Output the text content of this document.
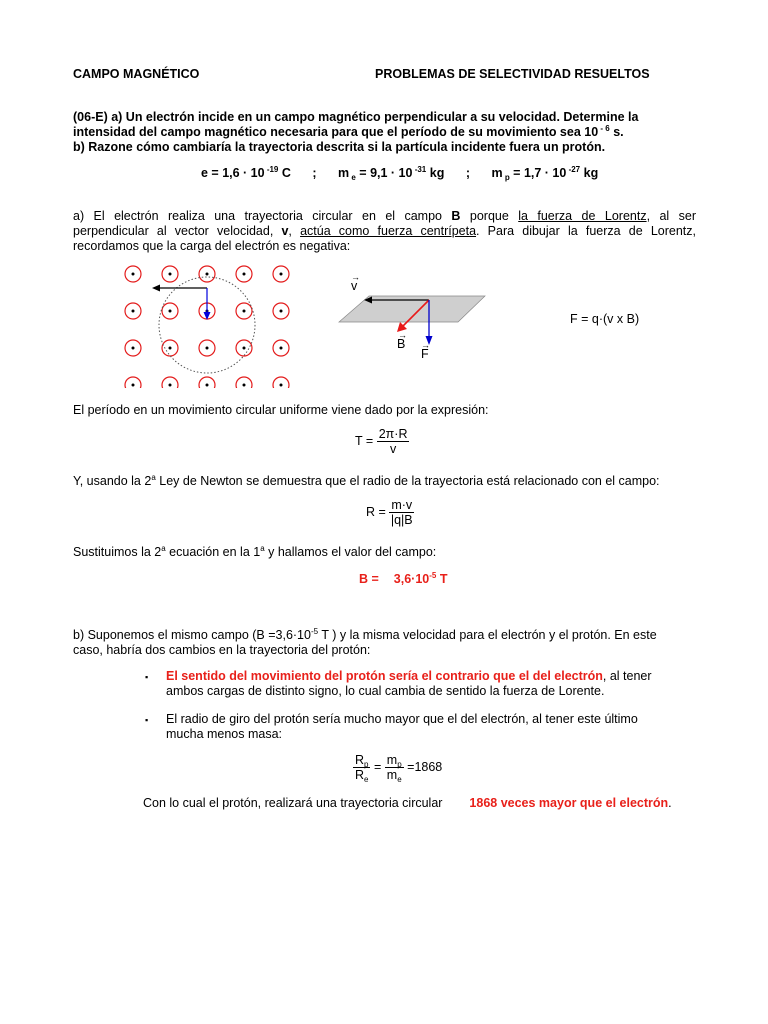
CAMPO MAGNÉTICO	PROBLEMAS DE SELECTIVIDAD RESUELTOS
(06-E) a) Un electrón incide en un campo magnético perpendicular a su velocidad. Determine la
intensidad del campo magnético necesaria para que el período de su movimiento sea 10 $^{- 6}$ s.
b) Razone cómo cambiaría la trayectoria descrita si la partícula incidente fuera un protón.
e = 1,6 · 10 $^{-19}$ C ; m $_e$ = 9,1 · 10 $^{-31}$ kg ; m $_p$ = 1,7 · 10 $^{-27}$ kg
a) El electrón realiza una trayectoria circular en el campo B porque la fuerza de Lorentz, al ser
perpendicular al vector velocidad, v, actúa como fuerza centrípeta. Para dibujar la fuerza de Lorentz,
recordamos que la carga del electrón es negativa:
→
v
→
B →
F
F = q·(v x B)
El período en un movimiento circular uniforme viene dado por la expresión:
$T = \frac{2\pi\cdot R}{v}$
Y, usando la 2$^a$ Ley de Newton se demuestra que el radio de la trayectoria está relacionado con el campo:
$R = \frac{m\cdot v}{|q|B}$
Sustituimos la 2$^a$ ecuación en la 1$^a$ y hallamos el valor del campo:
$B = 3,6\cdot 10^{-5}$ T
b) Suponemos el mismo campo ($B =3,6\cdot 10^{-5}$ T ) y la misma velocidad para el electrón y el protón. En este
caso, habría dos cambios en la trayectoria del protón:
▪ El sentido del movimiento del protón sería el contrario que el del electrón, al tener
ambos cargas de distinto signo, lo cual cambia de sentido la fuerza de Lorente.
▪ El radio de giro del protón sería mucho mayor que el del electrón, al tener este último
mucha menos masa:
$\frac{R_p}{R_e} = \frac{m_p}{m_e} =1868$
Con lo cual el protón, realizará una trayectoria circular 1868 veces mayor que el electrón.
